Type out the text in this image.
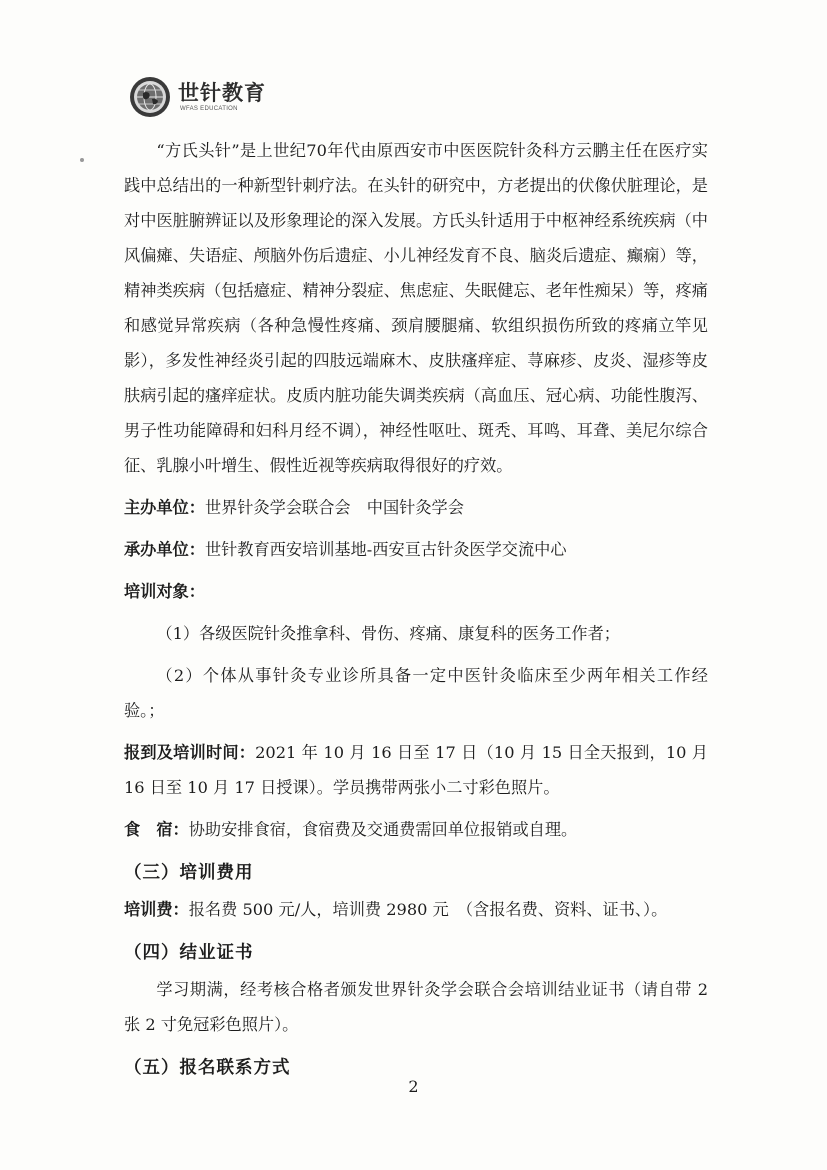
世针教育
WFAS EDUCATION

“方氏头针”是上世纪70年代由原西安市中医医院针灸科方云鹏主任在医疗实践中总结出的一种新型针刺疗法。在头针的研究中，方老提出的伏像伏脏理论，是对中医脏腑辨证以及形象理论的深入发展。方氏头针适用于中枢神经系统疾病（中风偏瘫、失语症、颅脑外伤后遗症、小儿神经发育不良、脑炎后遗症、癫痫）等，精神类疾病（包括癔症、精神分裂症、焦虑症、失眠健忘、老年性痴呆）等，疼痛和感觉异常疾病（各种急慢性疼痛、颈肩腰腿痛、软组织损伤所致的疼痛立竿见影），多发性神经炎引起的四肢远端麻木、皮肤瘙痒症、荨麻疹、皮炎、湿疹等皮肤病引起的瘙痒症状。皮质内脏功能失调类疾病（高血压、冠心病、功能性腹泻、男子性功能障碍和妇科月经不调），神经性呕吐、斑秃、耳鸣、耳聋、美尼尔综合征、乳腺小叶增生、假性近视等疾病取得很好的疗效。

主办单位：世界针灸学会联合会　中国针灸学会

承办单位：世针教育西安培训基地-西安亘古针灸医学交流中心

培训对象：

（1）各级医院针灸推拿科、骨伤、疼痛、康复科的医务工作者；

（2）个体从事针灸专业诊所具备一定中医针灸临床至少两年相关工作经验。；

报到及培训时间：2021 年 10 月 16 日至 17 日（10 月 15 日全天报到，10 月 16 日至 10 月 17 日授课）。学员携带两张小二寸彩色照片。

食　宿：协助安排食宿，食宿费及交通费需回单位报销或自理。

（三）培训费用

培训费：报名费 500 元/人，培训费 2980 元　（含报名费、资料、证书、）。

（四）结业证书

学习期满，经考核合格者颁发世界针灸学会联合会培训结业证书（请自带 2 张 2 寸免冠彩色照片）。

（五）报名联系方式

2
